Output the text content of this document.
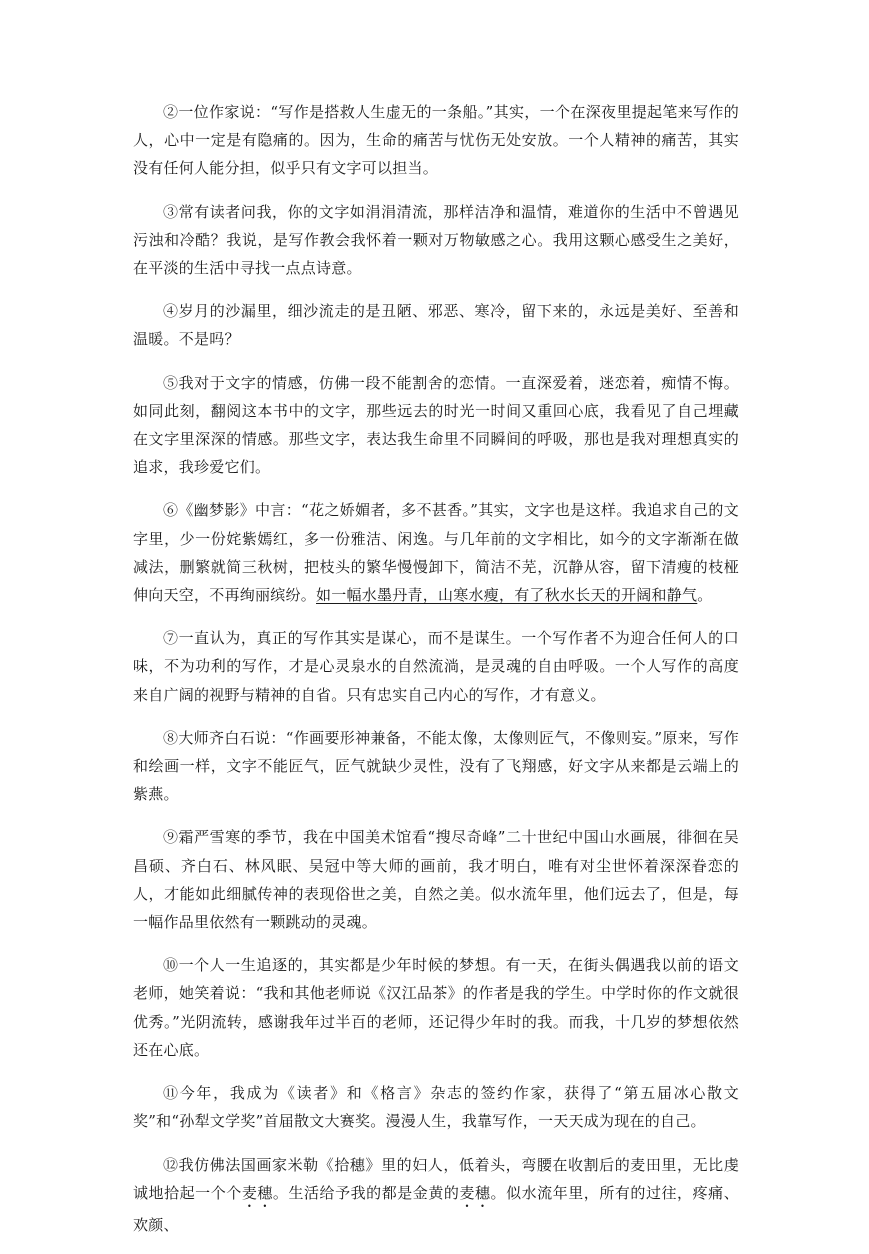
②一位作家说：“写作是搭救人生虚无的一条船。”其实，一个在深夜里提起笔来写作的人，心中一定是有隐痛的。因为，生命的痛苦与忧伤无处安放。一个人精神的痛苦，其实没有任何人能分担，似乎只有文字可以担当。

③常有读者问我，你的文字如涓涓清流，那样洁净和温情，难道你的生活中不曾遇见污浊和冷酷？我说，是写作教会我怀着一颗对万物敏感之心。我用这颗心感受生之美好，在平淡的生活中寻找一点点诗意。

④岁月的沙漏里，细沙流走的是丑陋、邪恶、寒冷，留下来的，永远是美好、至善和温暖。不是吗？

⑤我对于文字的情感，仿佛一段不能割舍的恋情。一直深爱着，迷恋着，痴情不悔。如同此刻，翻阅这本书中的文字，那些远去的时光一时间又重回心底，我看见了自己埋藏在文字里深深的情感。那些文字，表达我生命里不同瞬间的呼吸，那也是我对理想真实的追求，我珍爱它们。

⑥《幽梦影》中言：“花之娇媚者，多不甚香。”其实，文字也是这样。我追求自己的文字里，少一份姹紫嫣红，多一份雅洁、闲逸。与几年前的文字相比，如今的文字渐渐在做减法，删繁就简三秋树，把枝头的繁华慢慢卸下，简洁不芜，沉静从容，留下清瘦的枝桠伸向天空，不再绚丽缤纷。如一幅水墨丹青，山寒水瘦，有了秋水长天的开阔和静气。

⑦一直认为，真正的写作其实是谋心，而不是谋生。一个写作者不为迎合任何人的口味，不为功利的写作，才是心灵泉水的自然流淌，是灵魂的自由呼吸。一个人写作的高度来自广阔的视野与精神的自省。只有忠实自己内心的写作，才有意义。

⑧大师齐白石说：“作画要形神兼备，不能太像，太像则匠气，不像则妄。”原来，写作和绘画一样，文字不能匠气，匠气就缺少灵性，没有了飞翔感，好文字从来都是云端上的紫燕。

⑨霜严雪寒的季节，我在中国美术馆看“搜尽奇峰”二十世纪中国山水画展，徘徊在吴昌硕、齐白石、林风眠、吴冠中等大师的画前，我才明白，唯有对尘世怀着深深眷恋的人，才能如此细腻传神的表现俗世之美，自然之美。似水流年里，他们远去了，但是，每一幅作品里依然有一颗跳动的灵魂。

⑩一个人一生追逐的，其实都是少年时候的梦想。有一天，在街头偶遇我以前的语文老师，她笑着说：“我和其他老师说《汉江品茶》的作者是我的学生。中学时你的作文就很优秀。”光阴流转，感谢我年过半百的老师，还记得少年时的我。而我，十几岁的梦想依然还在心底。

⑪今年，我成为《读者》和《格言》杂志的签约作家，获得了“第五届冰心散文奖”和“孙犁文学奖”首届散文大赛奖。漫漫人生，我靠写作，一天天成为现在的自己。

⑫我仿佛法国画家米勒《拾穗》里的妇人，低着头，弯腰在收割后的麦田里，无比虔诚地拾起一个个麦穗。生活给予我的都是金黄的麦穗。似水流年里，所有的过往，疼痛、欢颜、
